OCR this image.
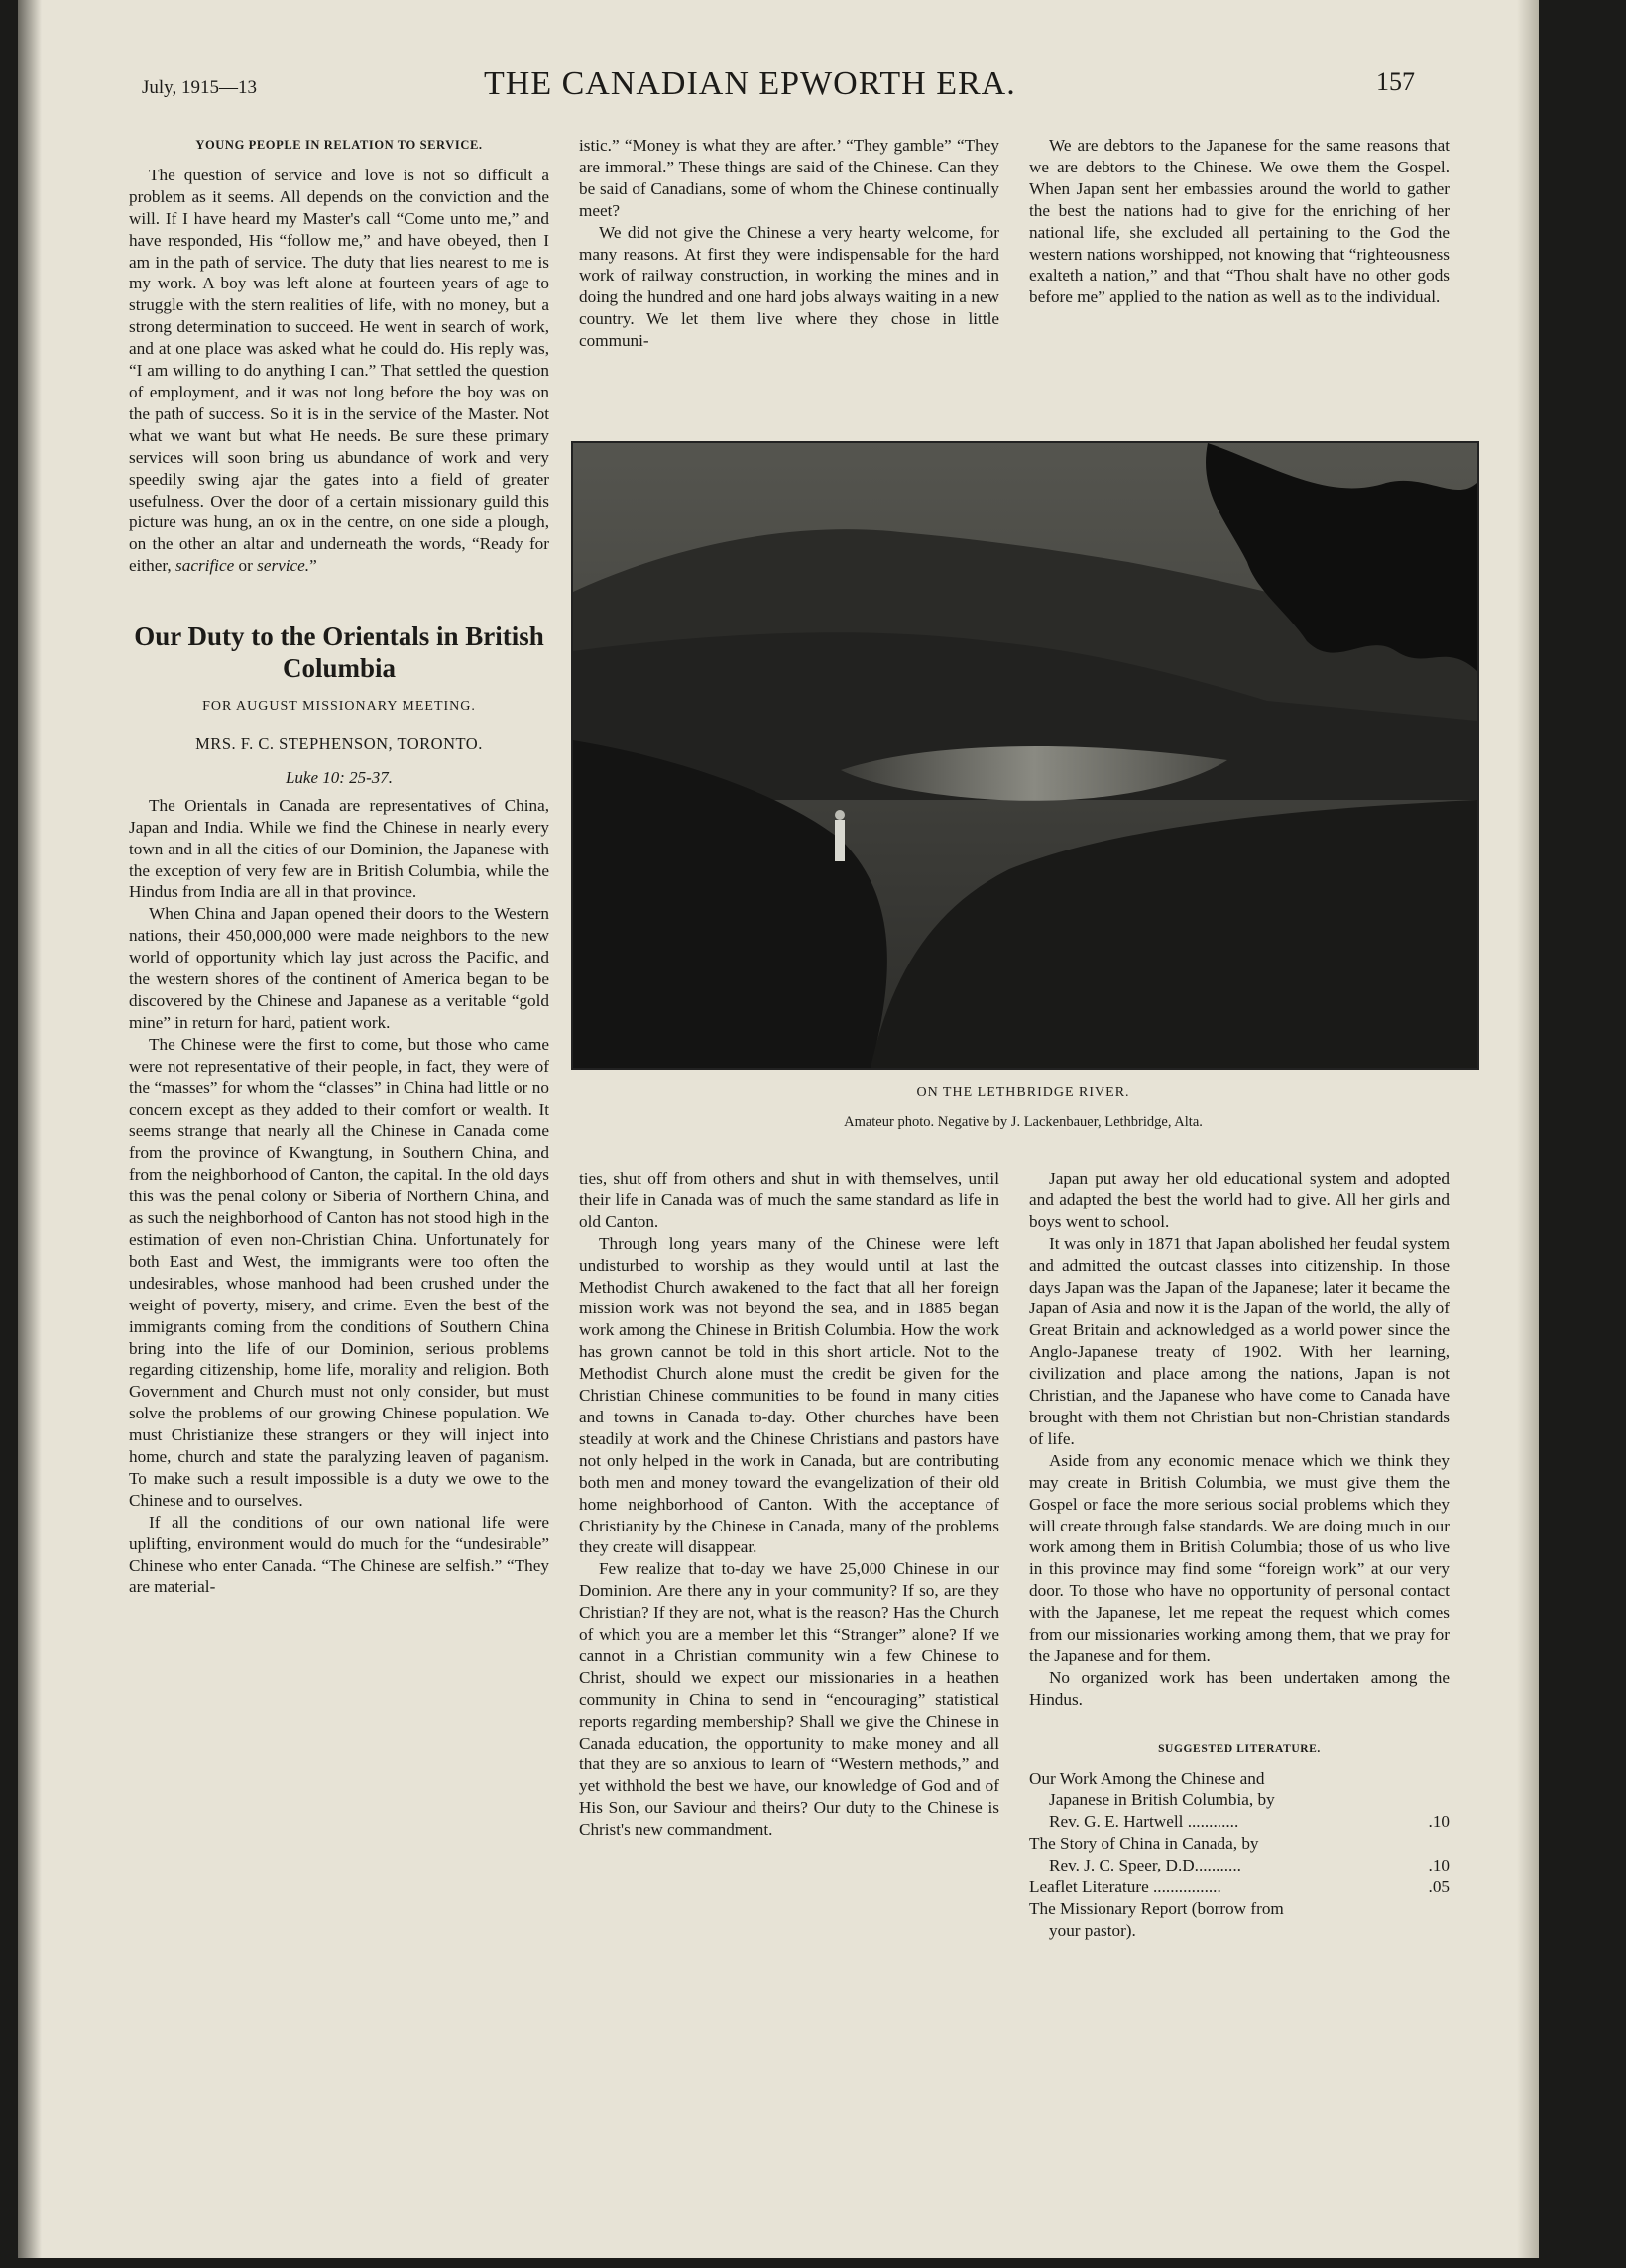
July, 1915—13	THE CANADIAN EPWORTH ERA.	157
YOUNG PEOPLE IN RELATION TO SERVICE.

The question of service and love is not so difficult a problem as it seems. All depends on the conviction and the will. If I have heard my Master's call “Come unto me,” and have responded, His “follow me,” and have obeyed, then I am in the path of service. The duty that lies nearest to me is my work. A boy was left alone at fourteen years of age to struggle with the stern realities of life, with no money, but a strong determination to succeed. He went in search of work, and at one place was asked what he could do. His reply was, “I am willing to do anything I can.” That settled the question of employment, and it was not long before the boy was on the path of success. So it is in the service of the Master. Not what we want but what He needs. Be sure these primary services will soon bring us abundance of work and very speedily swing ajar the gates into a field of greater usefulness. Over the door of a certain missionary guild this picture was hung, an ox in the centre, on one side a plough, on the other an altar and underneath the words, “Ready for either, sacrifice or service.”

Our Duty to the Orientals in British Columbia
FOR AUGUST MISSIONARY MEETING.
MRS. F. C. STEPHENSON, TORONTO.
Luke 10: 25-37.

The Orientals in Canada are representatives of China, Japan and India. While we find the Chinese in nearly every town and in all the cities of our Dominion, the Japanese with the exception of very few are in British Columbia, while the Hindus from India are all in that province.

When China and Japan opened their doors to the Western nations, their 450,000,000 were made neighbors to the new world of opportunity which lay just across the Pacific, and the western shores of the continent of America began to be discovered by the Chinese and Japanese as a veritable “gold mine” in return for hard, patient work.

The Chinese were the first to come, but those who came were not representative of their people, in fact, they were of the “masses” for whom the “classes” in China had little or no concern except as they added to their comfort or wealth. It seems strange that nearly all the Chinese in Canada come from the province of Kwangtung, in Southern China, and from the neighborhood of Canton, the capital. In the old days this was the penal colony or Siberia of Northern China, and as such the neighborhood of Canton has not stood high in the estimation of even non-Christian China. Unfortunately for both East and West, the immigrants were too often the undesirables, whose manhood had been crushed under the weight of poverty, misery, and crime. Even the best of the immigrants coming from the conditions of Southern China bring into the life of our Dominion, serious problems regarding citizenship, home life, morality and religion. Both Government and Church must not only consider, but must solve the problems of our growing Chinese population. We must Christianize these strangers or they will inject into home, church and state the paralyzing leaven of paganism. To make such a result impossible is a duty we owe to the Chinese and to ourselves.

If all the conditions of our own national life were uplifting, environment would do much for the “undesirable” Chinese who enter Canada. “The Chinese are selfish.” “They are material-

istic.” “Money is what they are after.’ “They gamble” “They are immoral.” These things are said of the Chinese. Can they be said of Canadians, some of whom the Chinese continually meet?

We did not give the Chinese a very hearty welcome, for many reasons. At first they were indispensable for the hard work of railway construction, in working the mines and in doing the hundred and one hard jobs always waiting in a new country. We let them live where they chose in little communi-

We are debtors to the Japanese for the same reasons that we are debtors to the Chinese. We owe them the Gospel. When Japan sent her embassies around the world to gather the best the nations had to give for the enriching of her national life, she excluded all pertaining to the God the western nations worshipped, not knowing that “righteousness exalteth a nation,” and that “Thou shalt have no other gods before me” applied to the nation as well as to the individual.

ON THE LETHBRIDGE RIVER.
Amateur photo. Negative by J. Lackenbauer, Lethbridge, Alta.

ties, shut off from others and shut in with themselves, until their life in Canada was of much the same standard as life in old Canton.

Through long years many of the Chinese were left undisturbed to worship as they would until at last the Methodist Church awakened to the fact that all her foreign mission work was not beyond the sea, and in 1885 began work among the Chinese in British Columbia. How the work has grown cannot be told in this short article. Not to the Methodist Church alone must the credit be given for the Christian Chinese communities to be found in many cities and towns in Canada to-day. Other churches have been steadily at work and the Chinese Christians and pastors have not only helped in the work in Canada, but are contributing both men and money toward the evangelization of their old home neighborhood of Canton. With the acceptance of Christianity by the Chinese in Canada, many of the problems they create will disappear.

Few realize that to-day we have 25,000 Chinese in our Dominion. Are there any in your community? If so, are they Christian? If they are not, what is the reason? Has the Church of which you are a member let this “Stranger” alone? If we cannot in a Christian community win a few Chinese to Christ, should we expect our missionaries in a heathen community in China to send in “encouraging” statistical reports regarding membership? Shall we give the Chinese in Canada education, the opportunity to make money and all that they are so anxious to learn of “Western methods,” and yet withhold the best we have, our knowledge of God and of His Son, our Saviour and theirs? Our duty to the Chinese is Christ's new commandment.

Japan put away her old educational system and adopted and adapted the best the world had to give. All her girls and boys went to school.

It was only in 1871 that Japan abolished her feudal system and admitted the outcast classes into citizenship. In those days Japan was the Japan of the Japanese; later it became the Japan of Asia and now it is the Japan of the world, the ally of Great Britain and acknowledged as a world power since the Anglo-Japanese treaty of 1902. With her learning, civilization and place among the nations, Japan is not Christian, and the Japanese who have come to Canada have brought with them not Christian but non-Christian standards of life.

Aside from any economic menace which we think they may create in British Columbia, we must give them the Gospel or face the more serious social problems which they will create through false standards. We are doing much in our work among them in British Columbia; those of us who live in this province may find some “foreign work” at our very door. To those who have no opportunity of personal contact with the Japanese, let me repeat the request which comes from our missionaries working among them, that we pray for the Japanese and for them.

No organized work has been undertaken among the Hindus.

SUGGESTED LITERATURE.
Our Work Among the Chinese and
Japanese in British Columbia, by
Rev. G. E. Hartwell ............	.10
The Story of China in Canada, by
Rev. J. C. Speer, D.D...........	.10
Leaflet Literature ................	.05
The Missionary Report (borrow from
your pastor).
